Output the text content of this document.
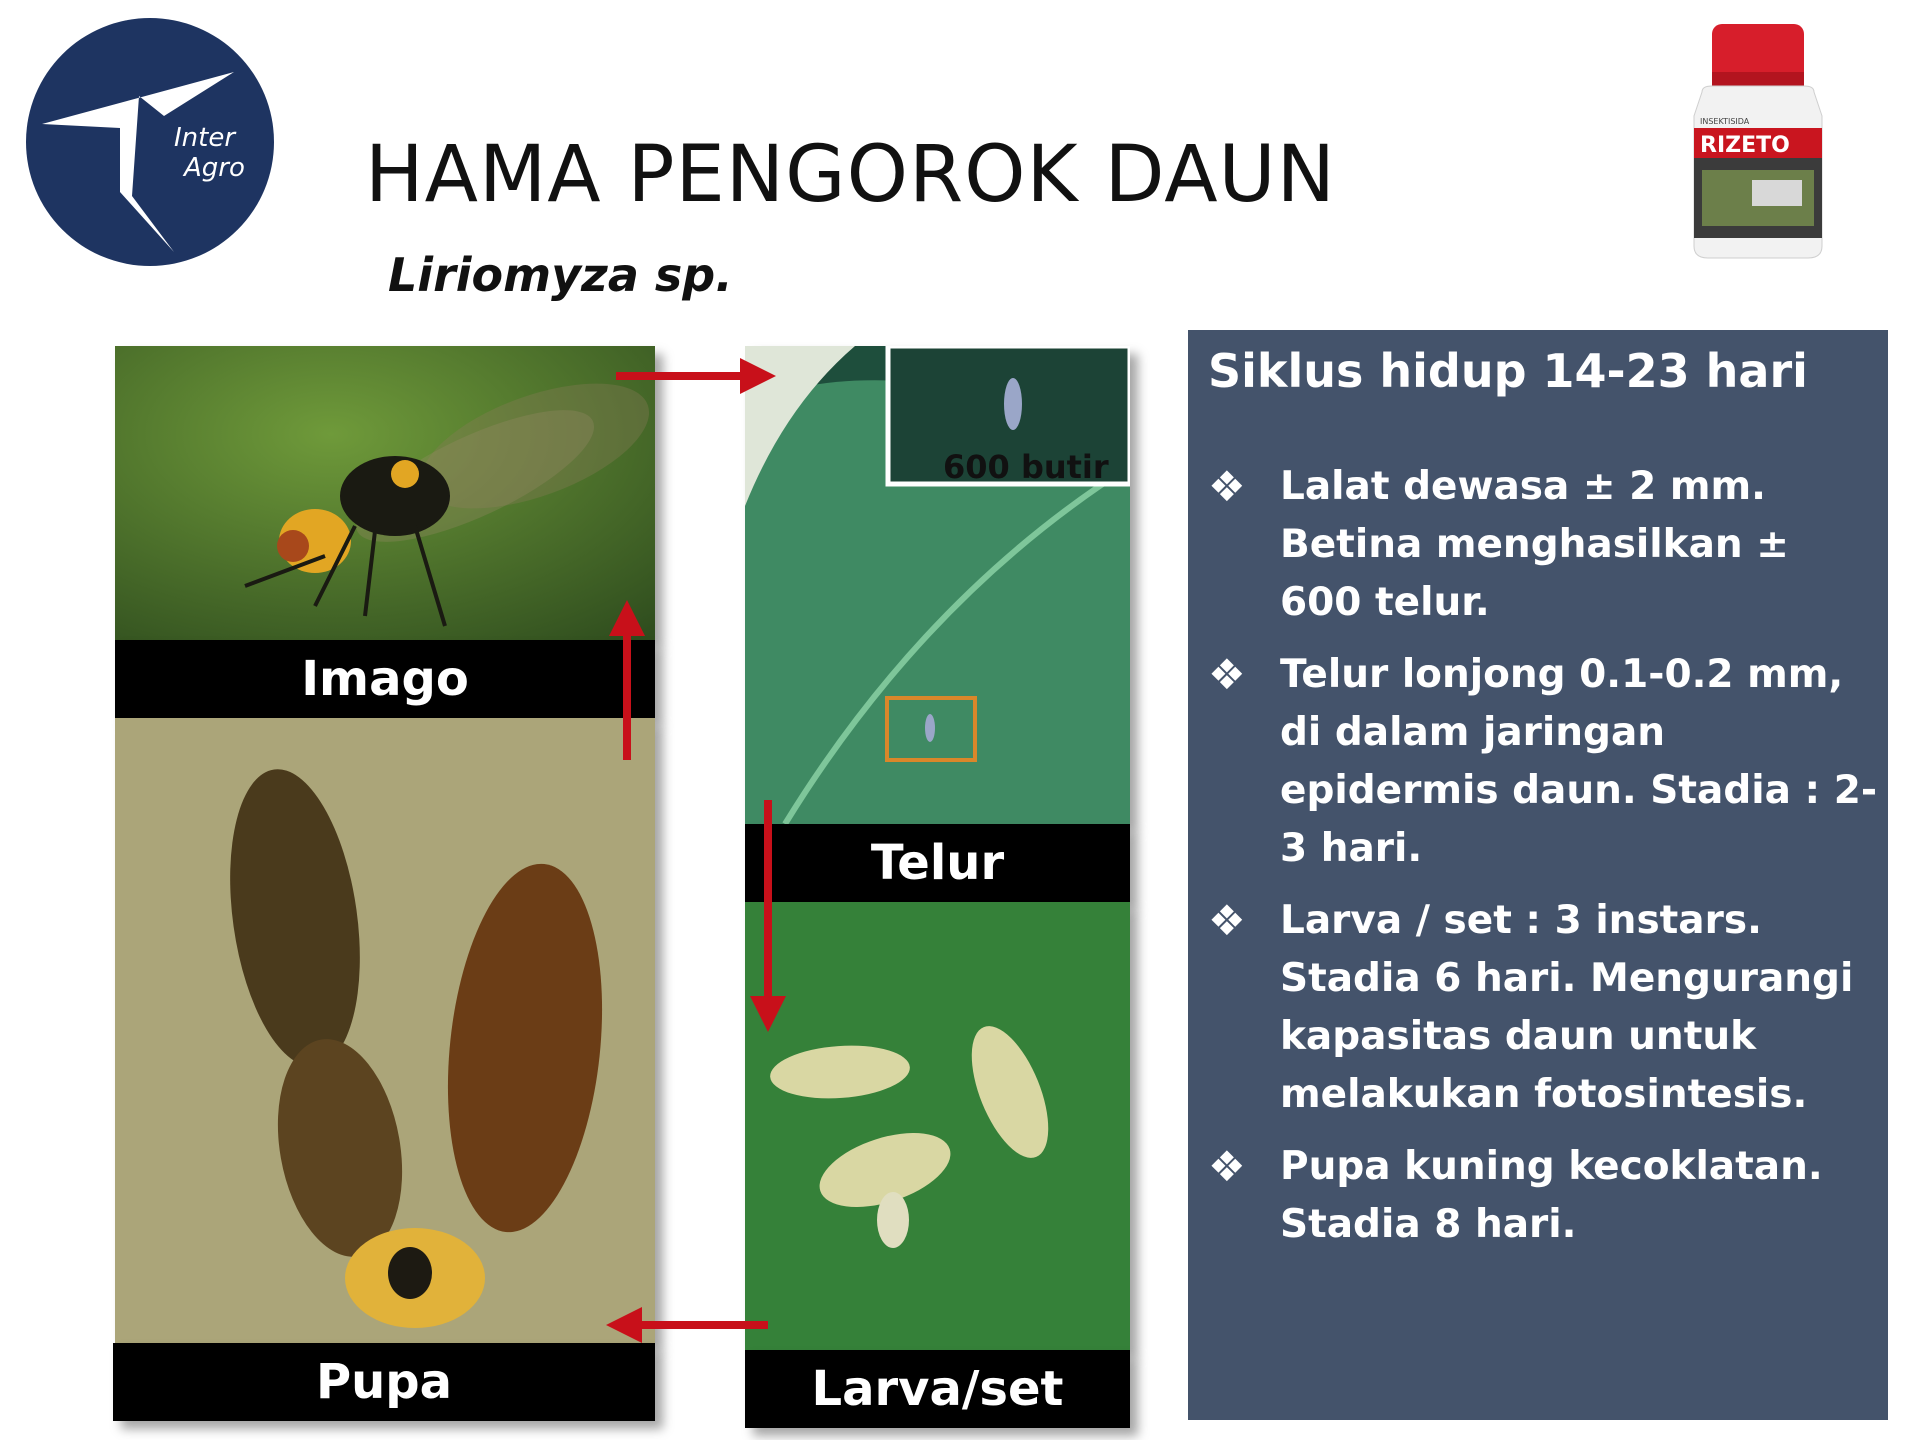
Inter
Agro HAMA PENGOROK DAUN
Liriomyza sp.
RIZETO
INSEKTISIDA
Imago
Pupa
600 butir
Telur
Larva/set
Siklus hidup 14-23 hari
❖ Lalat dewasa ± 2 mm. Betina menghasilkan ± 600 telur.
❖ Telur lonjong 0.1-0.2 mm, di dalam jaringan epidermis daun. Stadia : 2-3 hari.
❖ Larva / set : 3 instars. Stadia 6 hari. Mengurangi kapasitas daun untuk melakukan fotosintesis.
❖ Pupa kuning kecoklatan. Stadia 8 hari.
